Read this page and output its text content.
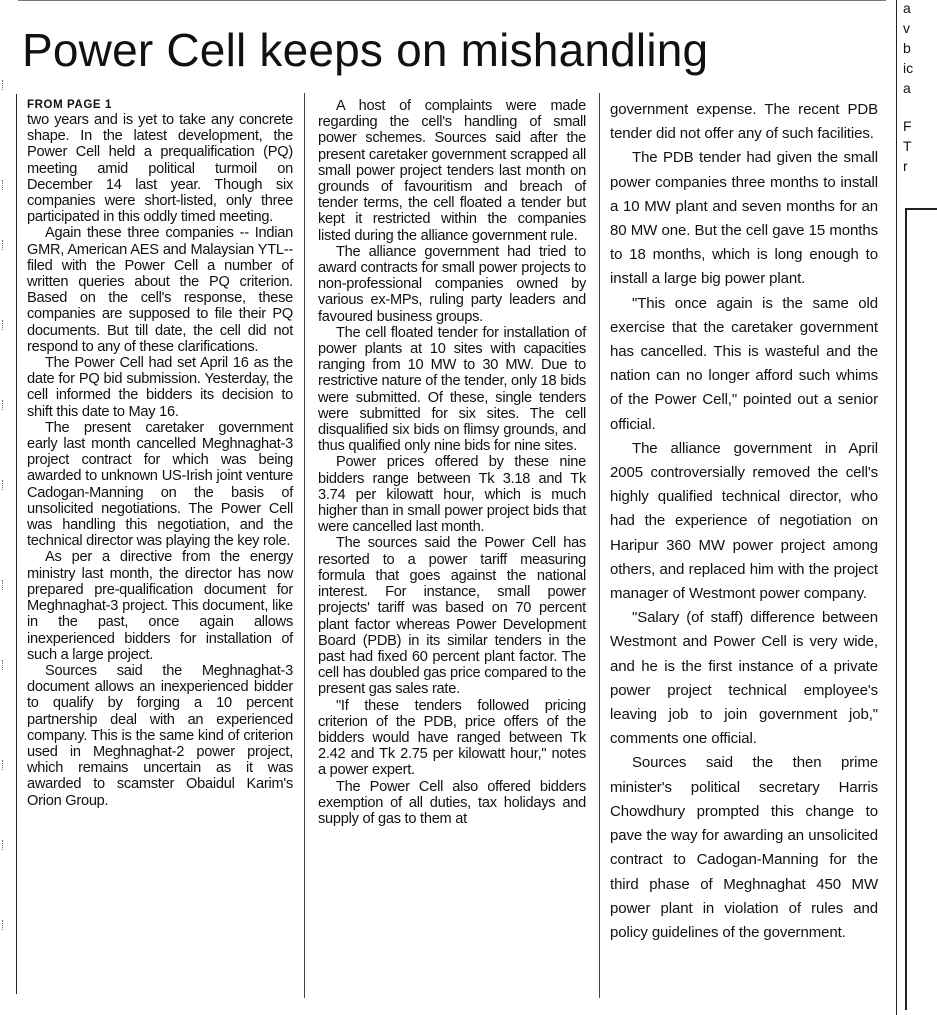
Power Cell keeps on mishandling
FROM PAGE 1

two years and is yet to take any concrete shape. In the latest development, the Power Cell held a prequalification (PQ) meeting amid political turmoil on December 14 last year. Though six companies were short-listed, only three participated in this oddly timed meeting.

Again these three companies -- Indian GMR, American AES and Malaysian YTL-- filed with the Power Cell a number of written queries about the PQ criterion. Based on the cell's response, these companies are supposed to file their PQ documents. But till date, the cell did not respond to any of these clarifications.

The Power Cell had set April 16 as the date for PQ bid submission. Yesterday, the cell informed the bidders its decision to shift this date to May 16.

The present caretaker government early last month cancelled Meghnaghat-3 project contract for which was being awarded to unknown US-Irish joint venture Cadogan-Manning on the basis of unsolicited negotiations. The Power Cell was handling this negotiation, and the technical director was playing the key role.

As per a directive from the energy ministry last month, the director has now prepared pre-qualification document for Meghnaghat-3 project. This document, like in the past, once again allows inexperienced bidders for installation of such a large project.

Sources said the Meghnaghat-3 document allows an inexperienced bidder to qualify by forging a 10 percent partnership deal with an experienced company. This is the same kind of criterion used in Meghnaghat-2 power project, which remains uncertain as it was awarded to scamster Obaidul Karim's Orion Group.

A host of complaints were made regarding the cell's handling of small power schemes. Sources said after the present caretaker government scrapped all small power project tenders last month on grounds of favouritism and breach of tender terms, the cell floated a tender but kept it restricted within the companies listed during the alliance government rule.

The alliance government had tried to award contracts for small power projects to non-professional companies owned by various ex-MPs, ruling party leaders and favoured business groups.

The cell floated tender for installation of power plants at 10 sites with capacities ranging from 10 MW to 30 MW. Due to restrictive nature of the tender, only 18 bids were submitted. Of these, single tenders were submitted for six sites. The cell disqualified six bids on flimsy grounds, and thus qualified only nine bids for nine sites.

Power prices offered by these nine bidders range between Tk 3.18 and Tk 3.74 per kilowatt hour, which is much higher than in small power project bids that were cancelled last month.

The sources said the Power Cell has resorted to a power tariff measuring formula that goes against the national interest. For instance, small power projects' tariff was based on 70 percent plant factor whereas Power Development Board (PDB) in its similar tenders in the past had fixed 60 percent plant factor. The cell has doubled gas price compared to the present gas sales rate.

"If these tenders followed pricing criterion of the PDB, price offers of the bidders would have ranged between Tk 2.42 and Tk 2.75 per kilowatt hour," notes a power expert.

The Power Cell also offered bidders exemption of all duties, tax holidays and supply of gas to them at

government expense. The recent PDB tender did not offer any of such facilities.

The PDB tender had given the small power companies three months to install a 10 MW plant and seven months for an 80 MW one. But the cell gave 15 months to 18 months, which is long enough to install a large big power plant.

"This once again is the same old exercise that the caretaker government has cancelled. This is wasteful and the nation can no longer afford such whims of the Power Cell," pointed out a senior official.

The alliance government in April 2005 controversially removed the cell's highly qualified technical director, who had the experience of negotiation on Haripur 360 MW power project among others, and replaced him with the project manager of Westmont power company.

"Salary (of staff) difference between Westmont and Power Cell is very wide, and he is the first instance of a private power project technical employee's leaving job to join government job," comments one official.

Sources said the then prime minister's political secretary Harris Chowdhury prompted this change to pave the way for awarding an unsolicited contract to Cadogan-Manning for the third phase of Meghnaghat 450 MW power plant in violation of rules and policy guidelines of the government.

a
v
b
ic
a
F
T
r
